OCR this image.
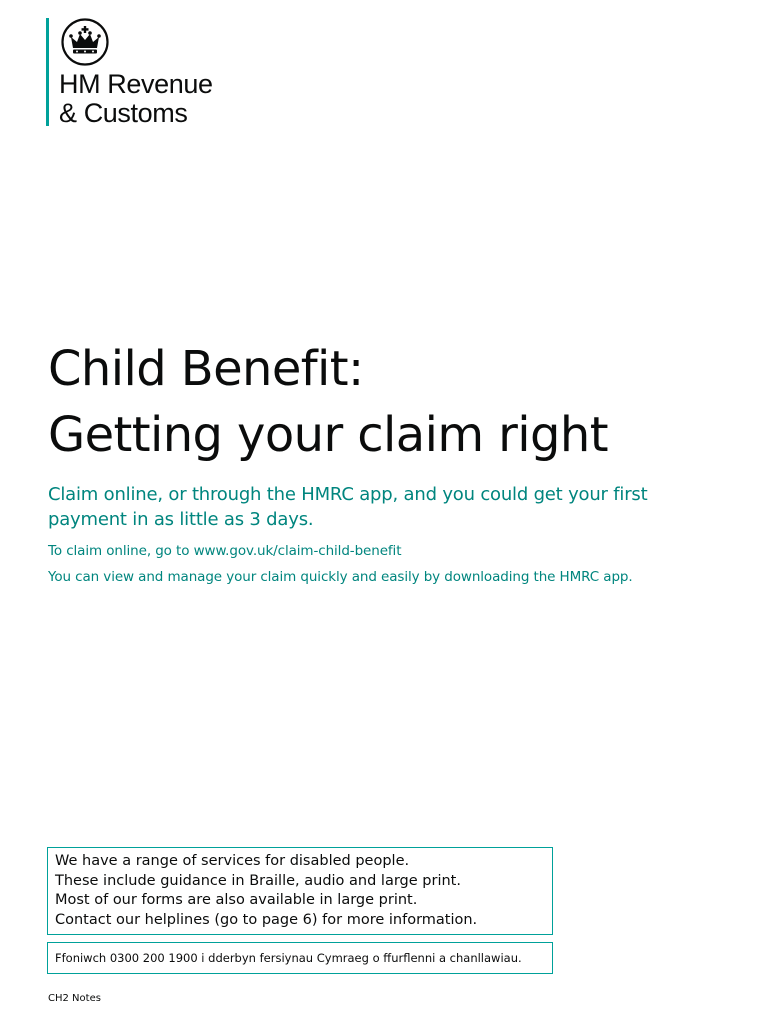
HM Revenue
& Customs
Child Benefit:
Getting your claim right

Claim online, or through the HMRC app, and you could get your first payment in as little as 3 days.

To claim online, go to www.gov.uk/claim-child-benefit

You can view and manage your claim quickly and easily by downloading the HMRC app.

We have a range of services for disabled people.
These include guidance in Braille, audio and large print.
Most of our forms are also available in large print.
Contact our helplines (go to page 6) for more information.
Ffoniwch 0300 200 1900 i dderbyn fersiynau Cymraeg o ffurflenni a chanllawiau.
CH2 Notes
